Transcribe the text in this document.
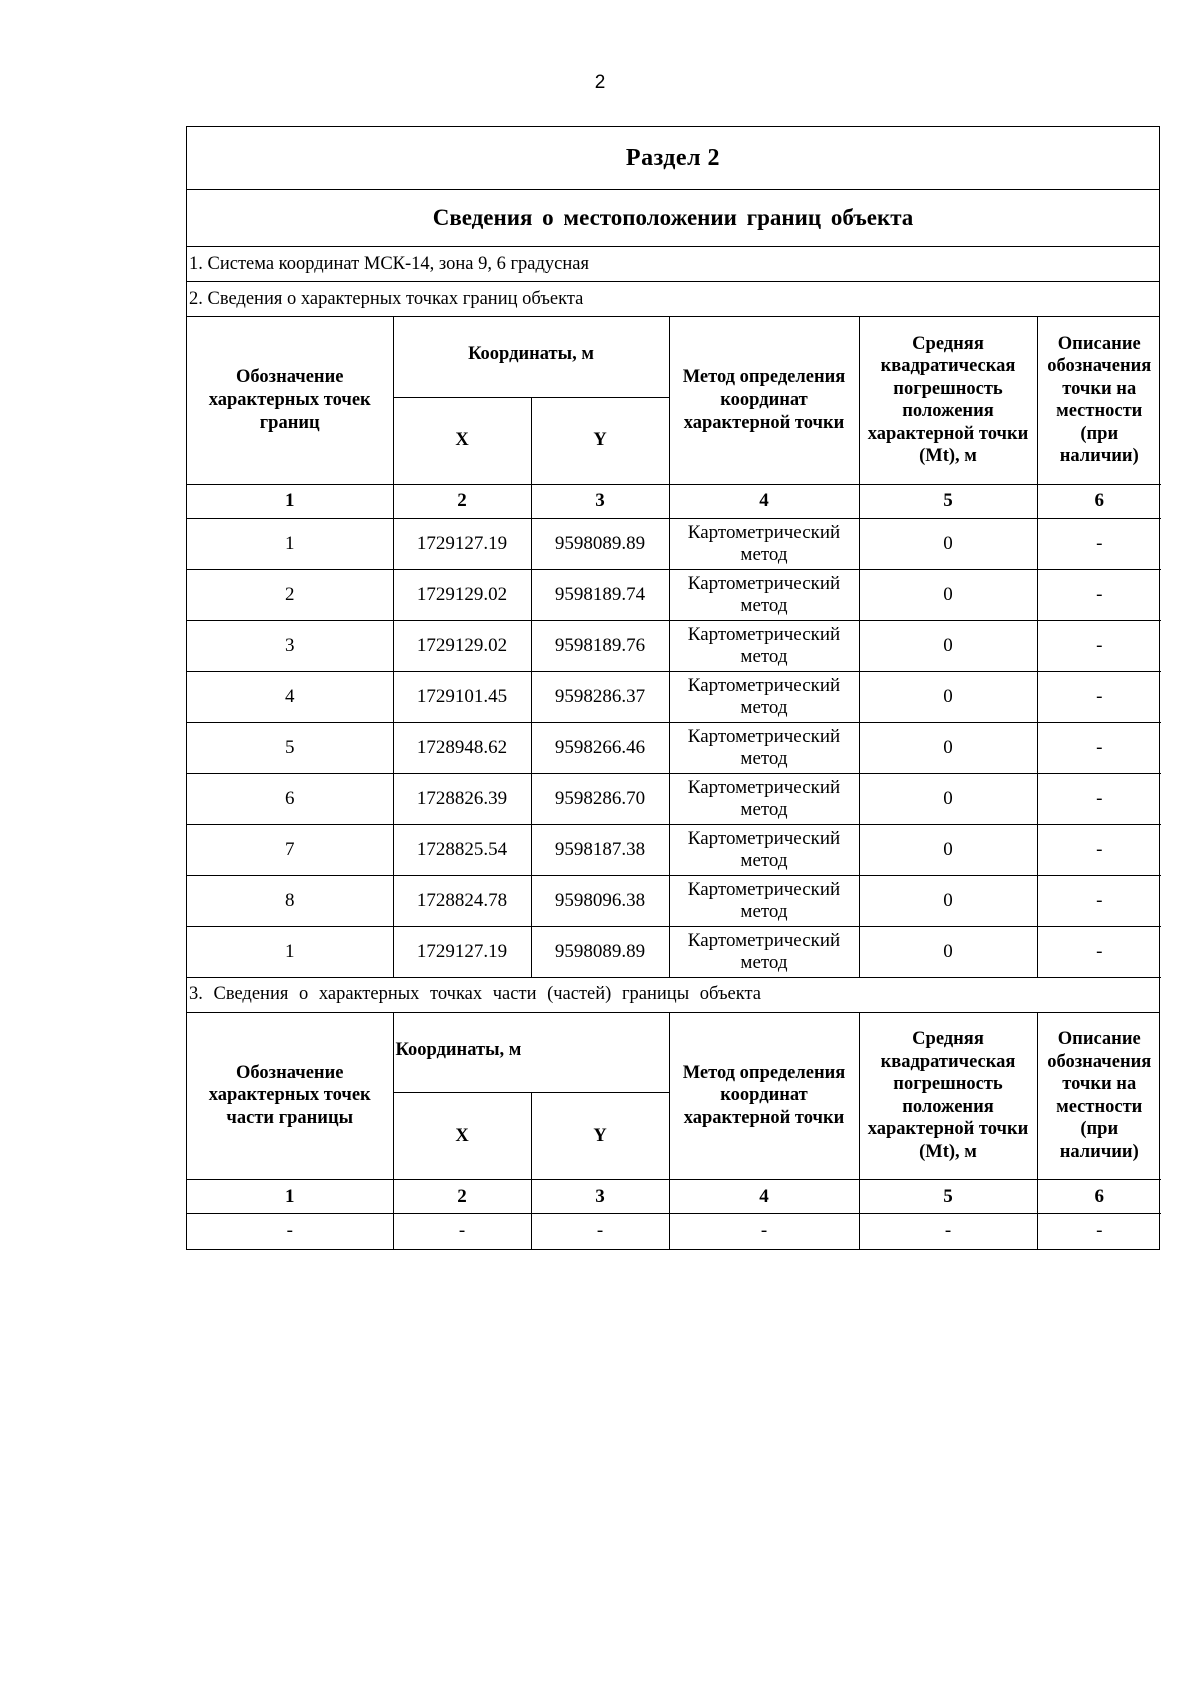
2
Раздел 2
Сведения о местоположении границ объекта
1. Система координат МСК-14, зона 9, 6 градусная
2. Сведения о характерных точках границ объекта
Обозначение характерных точек границ	Координаты, м		Метод определения координат характерной точки	Средняя квадратическая погрешность положения характерной точки (Mt), м	Описание обозначения точки на местности (при наличии)
	X	Y			
1	2	3	4	5	6
1	1729127.19	9598089.89	Картометрический метод	0	-
2	1729129.02	9598189.74	Картометрический метод	0	-
3	1729129.02	9598189.76	Картометрический метод	0	-
4	1729101.45	9598286.37	Картометрический метод	0	-
5	1728948.62	9598266.46	Картометрический метод	0	-
6	1728826.39	9598286.70	Картометрический метод	0	-
7	1728825.54	9598187.38	Картометрический метод	0	-
8	1728824.78	9598096.38	Картометрический метод	0	-
1	1729127.19	9598089.89	Картометрический метод	0	-
3. Сведения о характерных точках части (частей) границы объекта
Обозначение характерных точек части границы	Координаты, м		Метод определения координат характерной точки	Средняя квадратическая погрешность положения характерной точки (Mt), м	Описание обозначения точки на местности (при наличии)
	X	Y			
1	2	3	4	5	6
-	-	-	-	-	-
